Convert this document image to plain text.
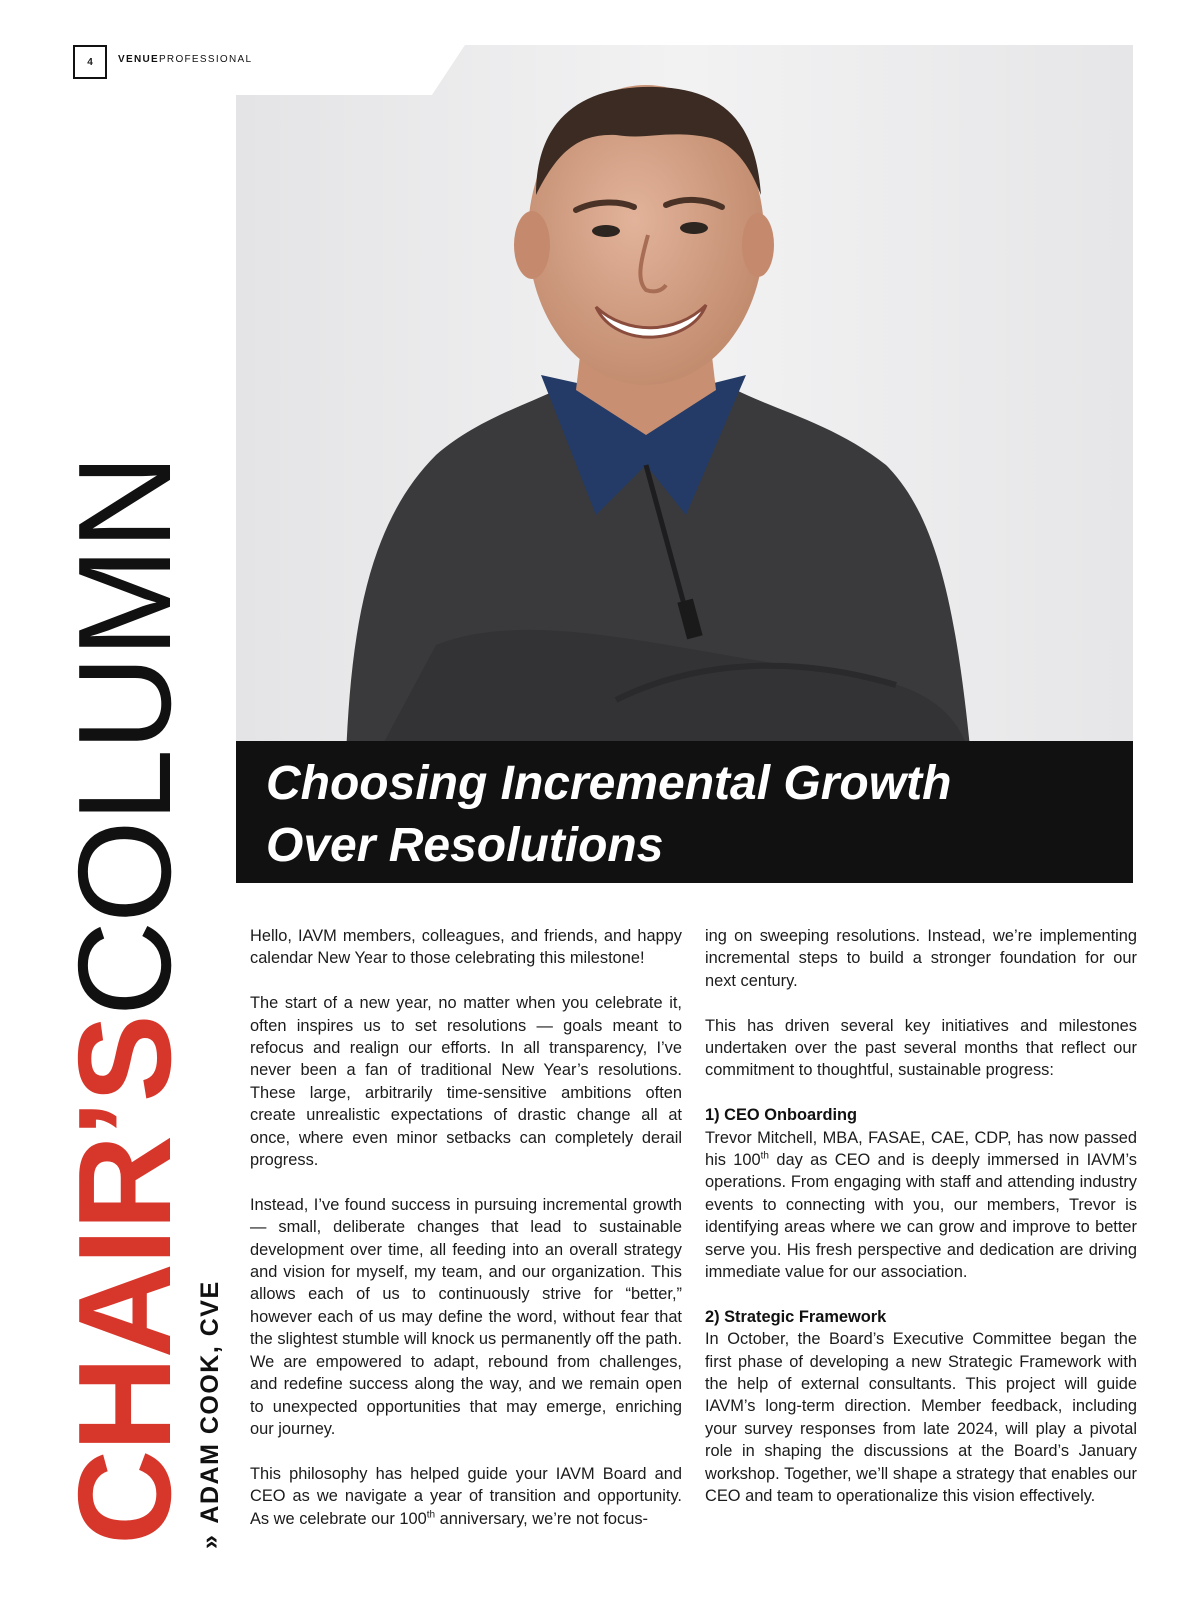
4	VENUEPROFESSIONAL
Choosing Incremental Growth
Over Resolutions
CHAIR’SCOLUMN
»ADAM COOK, CVE

Hello, IAVM members, colleagues, and friends, and happy calendar New Year to those celebrating this milestone!

The start of a new year, no matter when you celebrate it, often inspires us to set resolutions — goals meant to refocus and realign our efforts. In all transparency, I’ve never been a fan of traditional New Year’s resolutions. These large, arbitrarily time-sensitive ambitions often create unrealistic expectations of drastic change all at once, where even minor setbacks can completely derail progress.

Instead, I’ve found success in pursuing incremental growth — small, deliberate changes that lead to sustainable development over time, all feeding into an overall strategy and vision for myself, my team, and our organization. This allows each of us to continuously strive for “better,” however each of us may define the word, without fear that the slightest stumble will knock us permanently off the path. We are empowered to adapt, rebound from challenges, and redefine success along the way, and we remain open to unexpected opportunities that may emerge, enriching our journey.

This philosophy has helped guide your IAVM Board and CEO as we navigate a year of transition and opportunity. As we celebrate our 100th anniversary, we’re not focus-

ing on sweeping resolutions. Instead, we’re implementing incremental steps to build a stronger foundation for our next century.

This has driven several key initiatives and milestones undertaken over the past several months that reflect our commitment to thoughtful, sustainable progress:

1) CEO Onboarding

Trevor Mitchell, MBA, FASAE, CAE, CDP, has now passed his 100th day as CEO and is deeply immersed in IAVM’s operations. From engaging with staff and attending industry events to connecting with you, our members, Trevor is identifying areas where we can grow and improve to better serve you. His fresh perspective and dedication are driving immediate value for our association.

2) Strategic Framework

In October, the Board’s Executive Committee began the first phase of developing a new Strategic Framework with the help of external consultants. This project will guide IAVM’s long-term direction. Member feedback, including your survey responses from late 2024, will play a pivotal role in shaping the discussions at the Board’s January workshop. Together, we’ll shape a strategy that enables our CEO and team to operationalize this vision effectively.
